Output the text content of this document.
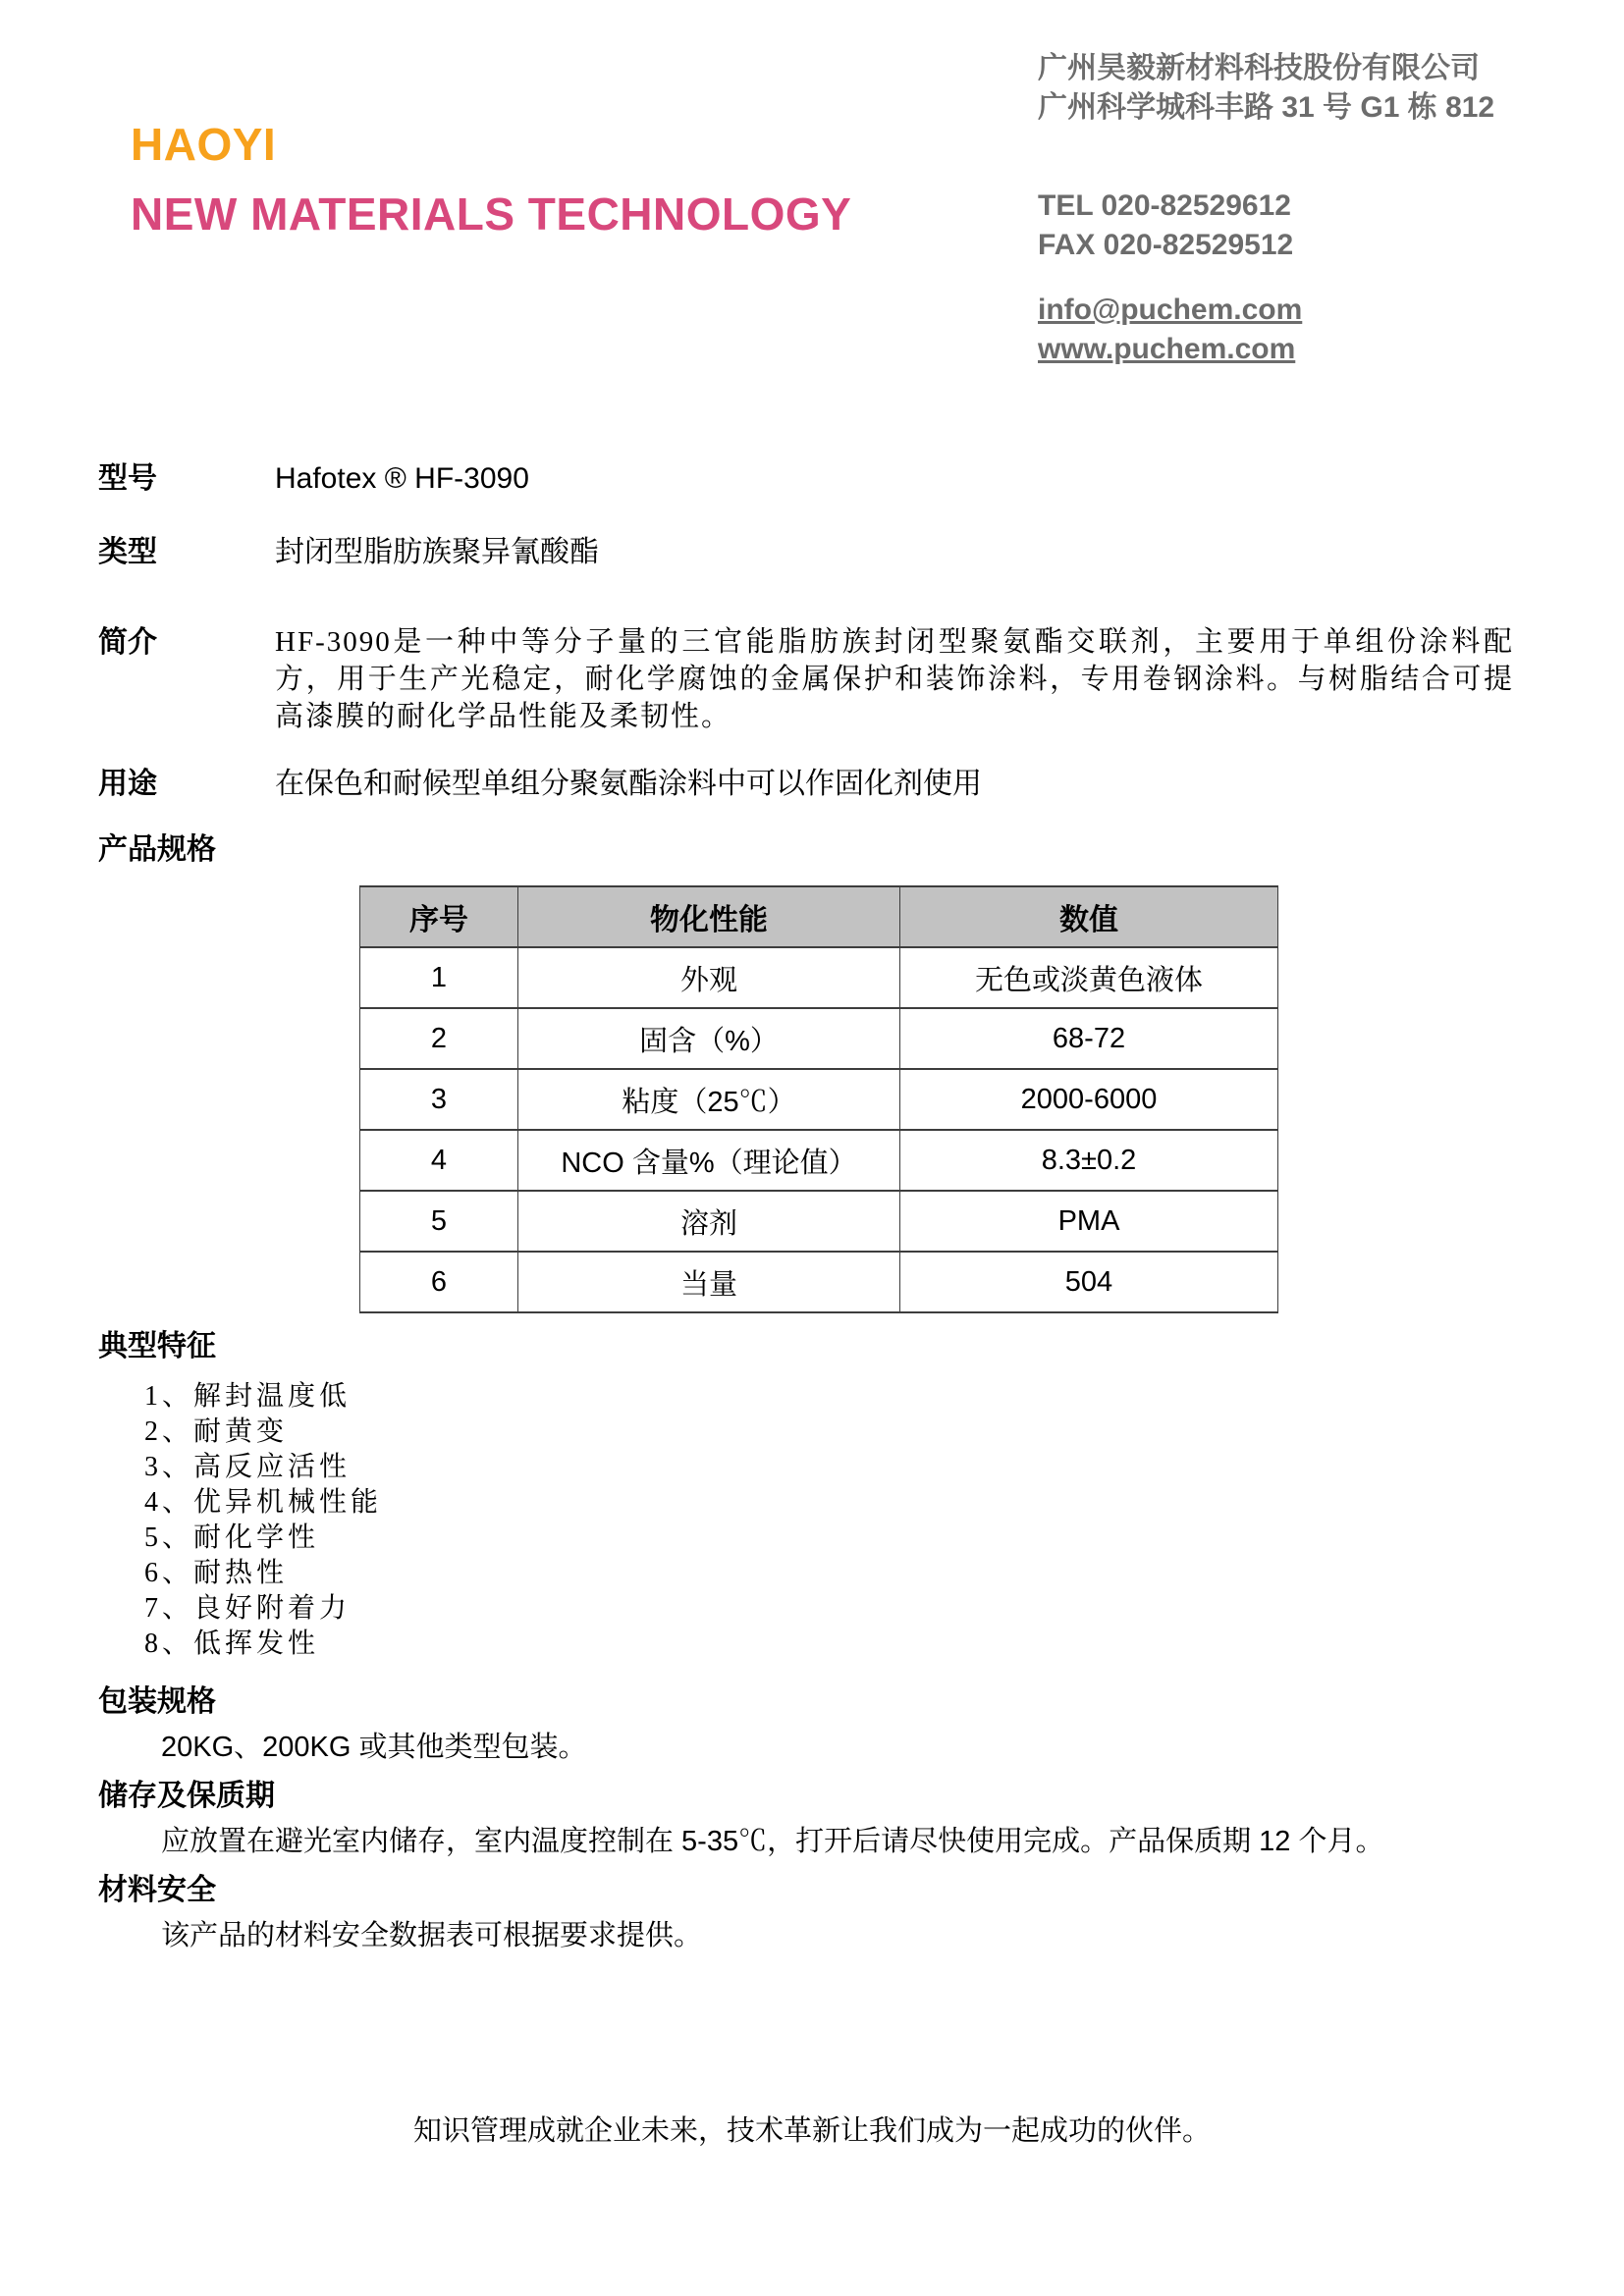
HAOYI
NEW MATERIALS TECHNOLOGY
广州昊毅新材料科技股份有限公司
广州科学城科丰路 31 号 G1 栋 812
TEL 020-82529612
FAX 020-82529512
info@puchem.com
www.puchem.com
型号	Hafotex ® HF-3090
类型	封闭型脂肪族聚异氰酸酯
简介	HF-3090是一种中等分子量的三官能脂肪族封闭型聚氨酯交联剂，主要用于单组份涂料配方，用于生产光稳定，耐化学腐蚀的金属保护和装饰涂料，专用卷钢涂料。与树脂结合可提高漆膜的耐化学品性能及柔韧性。
用途	在保色和耐候型单组分聚氨酯涂料中可以作固化剂使用
产品规格
序号	物化性能	数值
1	外观	无色或淡黄色液体
2	固含（%）	68-72
3	粘度（25℃）	2000-6000
4	NCO 含量%（理论值）	8.3±0.2
5	溶剂	PMA
6	当量	504
典型特征
1、解封温度低
2、耐黄变
3、高反应活性
4、优异机械性能
5、耐化学性
6、耐热性
7、良好附着力
8、低挥发性
包装规格
20KG、200KG 或其他类型包装。
储存及保质期
应放置在避光室内储存，室内温度控制在 5-35℃，打开后请尽快使用完成。产品保质期 12 个月。
材料安全
该产品的材料安全数据表可根据要求提供。
知识管理成就企业未来，技术革新让我们成为一起成功的伙伴。
